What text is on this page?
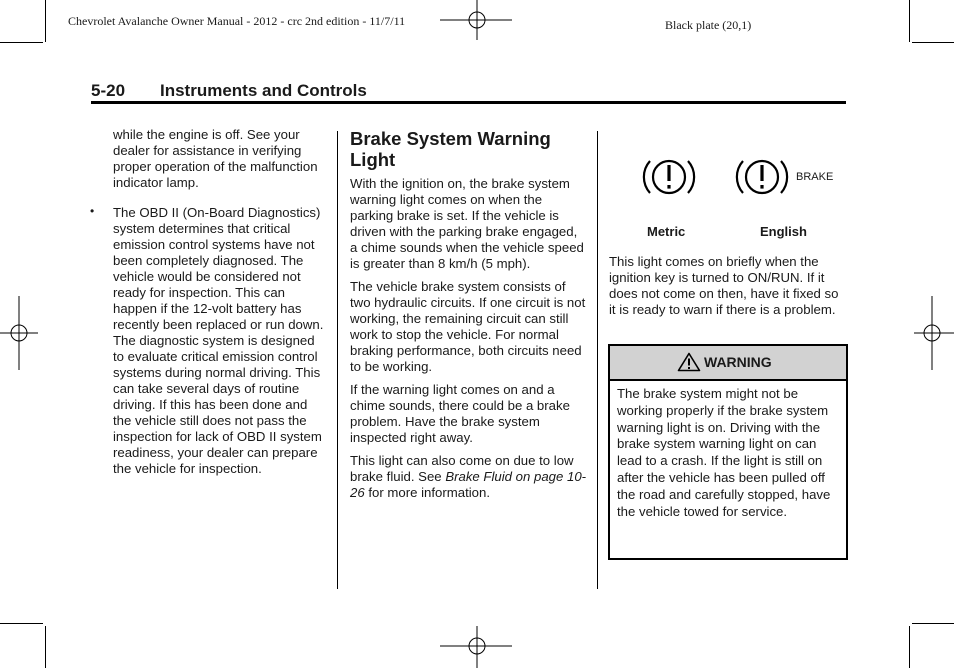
Chevrolet Avalanche Owner Manual - 2012 - crc 2nd edition - 11/7/11	Black plate (20,1)
5-20 Instruments and Controls

while the engine is off. See your dealer for assistance in verifying proper operation of the malfunction indicator lamp.

• The OBD II (On-Board Diagnostics) system determines that critical emission control systems have not been completely diagnosed. The vehicle would be considered not ready for inspection. This can happen if the 12-volt battery has recently been replaced or run down. The diagnostic system is designed to evaluate critical emission control systems during normal driving. This can take several days of routine driving. If this has been done and the vehicle still does not pass the inspection for lack of OBD II system readiness, your dealer can prepare the vehicle for inspection.

Brake System Warning Light

With the ignition on, the brake system warning light comes on when the parking brake is set. If the vehicle is driven with the parking brake engaged, a chime sounds when the vehicle speed is greater than 8 km/h (5 mph).

The vehicle brake system consists of two hydraulic circuits. If one circuit is not working, the remaining circuit can still work to stop the vehicle. For normal braking performance, both circuits need to be working.

If the warning light comes on and a chime sounds, there could be a brake problem. Have the brake system inspected right away.

This light can also come on due to low brake fluid. See Brake Fluid on page 10-26 for more information.

BRAKE
Metric	English
This light comes on briefly when the ignition key is turned to ON/RUN. If it does not come on then, have it fixed so it is ready to warn if there is a problem.
WARNING
The brake system might not be working properly if the brake system warning light is on. Driving with the brake system warning light on can lead to a crash. If the light is still on after the vehicle has been pulled off the road and carefully stopped, have the vehicle towed for service.
